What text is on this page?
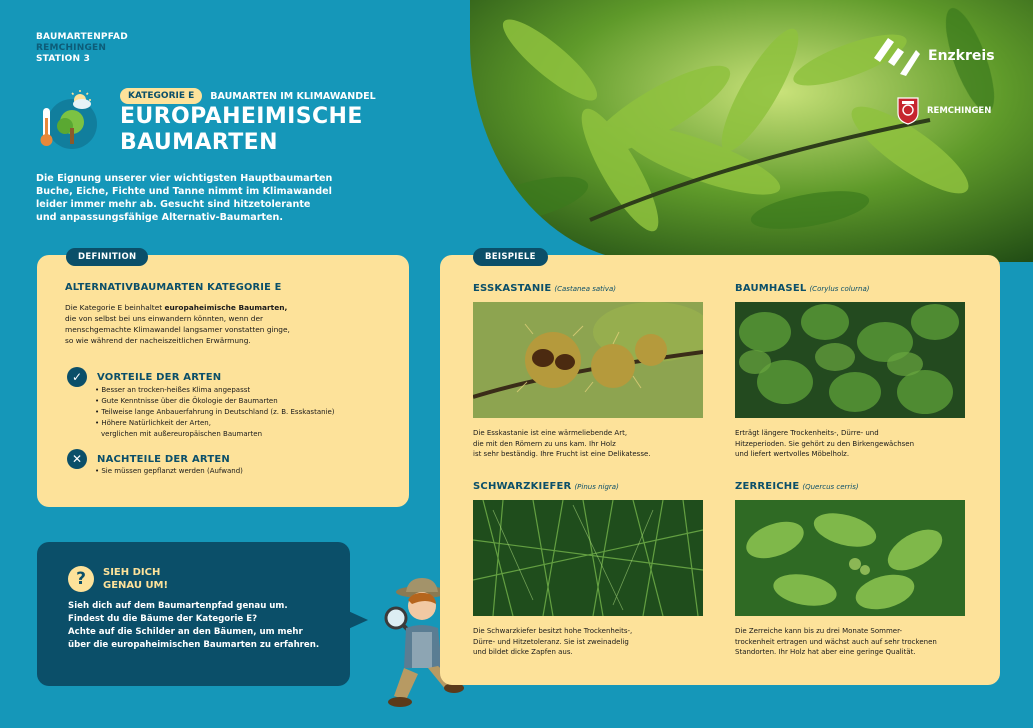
BAUMARTENPFAD
REMCHINGEN
STATION 3
KATEGORIE E	BAUMARTEN IM KLIMAWANDEL
EUROPAHEIMISCHE
BAUMARTEN
Die Eignung unserer vier wichtigsten Hauptbaumarten
Buche, Eiche, Fichte und Tanne nimmt im Klimawandel
leider immer mehr ab. Gesucht sind hitzetolerante
und anpassungsfähige Alternativ-Baumarten.
Enzkreis
REMCHINGEN
ALTERNATIVBAUMARTEN KATEGORIE E
Die Kategorie E beinhaltet europaheimische Baumarten,
die von selbst bei uns einwandern könnten, wenn der
menschgemachte Klimawandel langsamer vonstatten ginge,
so wie während der nacheiszeitlichen Erwärmung.
✓	VORTEILE DER ARTEN
• Besser an trocken-heißes Klima angepasst
• Gute Kenntnisse über die Ökologie der Baumarten
• Teilweise lange Anbauerfahrung in Deutschland (z. B. Esskastanie)
• Höhere Natürlichkeit der Arten,
verglichen mit außereuropäischen Baumarten
✕	NACHTEILE DER ARTEN
• Sie müssen gepflanzt werden (Aufwand)
DEFINITION
?	SIEH DICH
GENAU UM!
Sieh dich auf dem Baumartenpfad genau um.
Findest du die Bäume der Kategorie E?
Achte auf die Schilder an den Bäumen, um mehr
über die europaheimischen Baumarten zu erfahren.
ESSKASTANIE (Castanea sativa)
Die Esskastanie ist eine wärmeliebende Art,
die mit den Römern zu uns kam. Ihr Holz
ist sehr beständig. Ihre Frucht ist eine Delikatesse.
BAUMHASEL (Corylus colurna)
Erträgt längere Trockenheits-, Dürre- und
Hitzeperioden. Sie gehört zu den Birkengewächsen
und liefert wertvolles Möbelholz.
SCHWARZKIEFER (Pinus nigra)
Die Schwarzkiefer besitzt hohe Trockenheits-,
Dürre- und Hitzetoleranz. Sie ist zweinadelig
und bildet dicke Zapfen aus.
ZERREICHE (Quercus cerris)
Die Zerreiche kann bis zu drei Monate Sommer-
trockenheit ertragen und wächst auch auf sehr trockenen
Standorten. Ihr Holz hat aber eine geringe Qualität.
BEISPIELE
